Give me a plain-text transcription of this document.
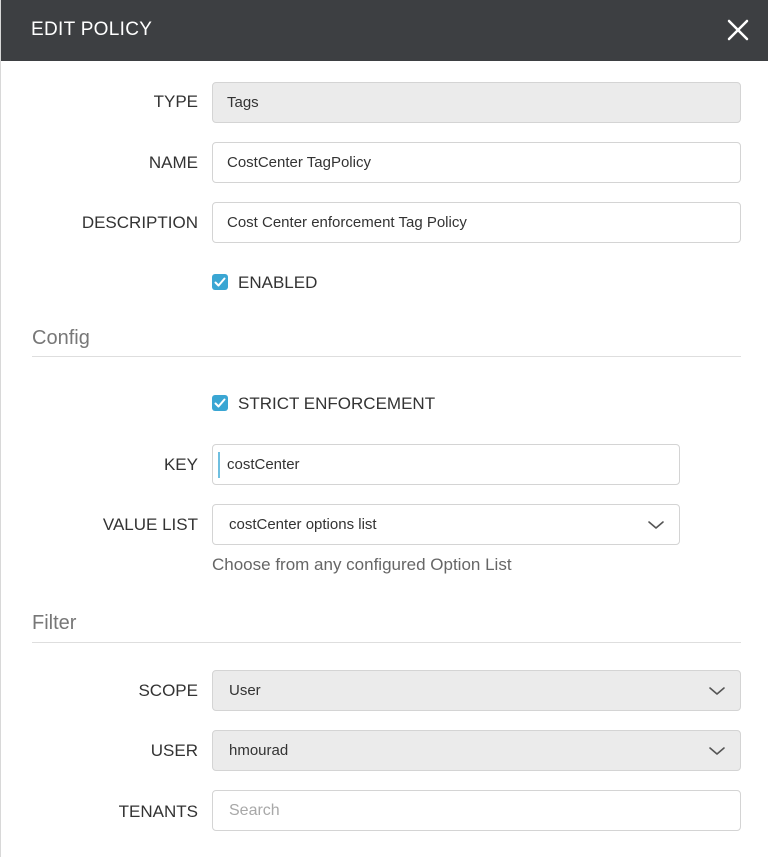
EDIT POLICY
TYPE Tags
NAME CostCenter TagPolicy
DESCRIPTION Cost Center enforcement Tag Policy
ENABLED
Config
STRICT ENFORCEMENT
KEY costCenter
VALUE LIST costCenter options list
Choose from any configured Option List
Filter
SCOPE User
USER hmourad
TENANTS
Search
